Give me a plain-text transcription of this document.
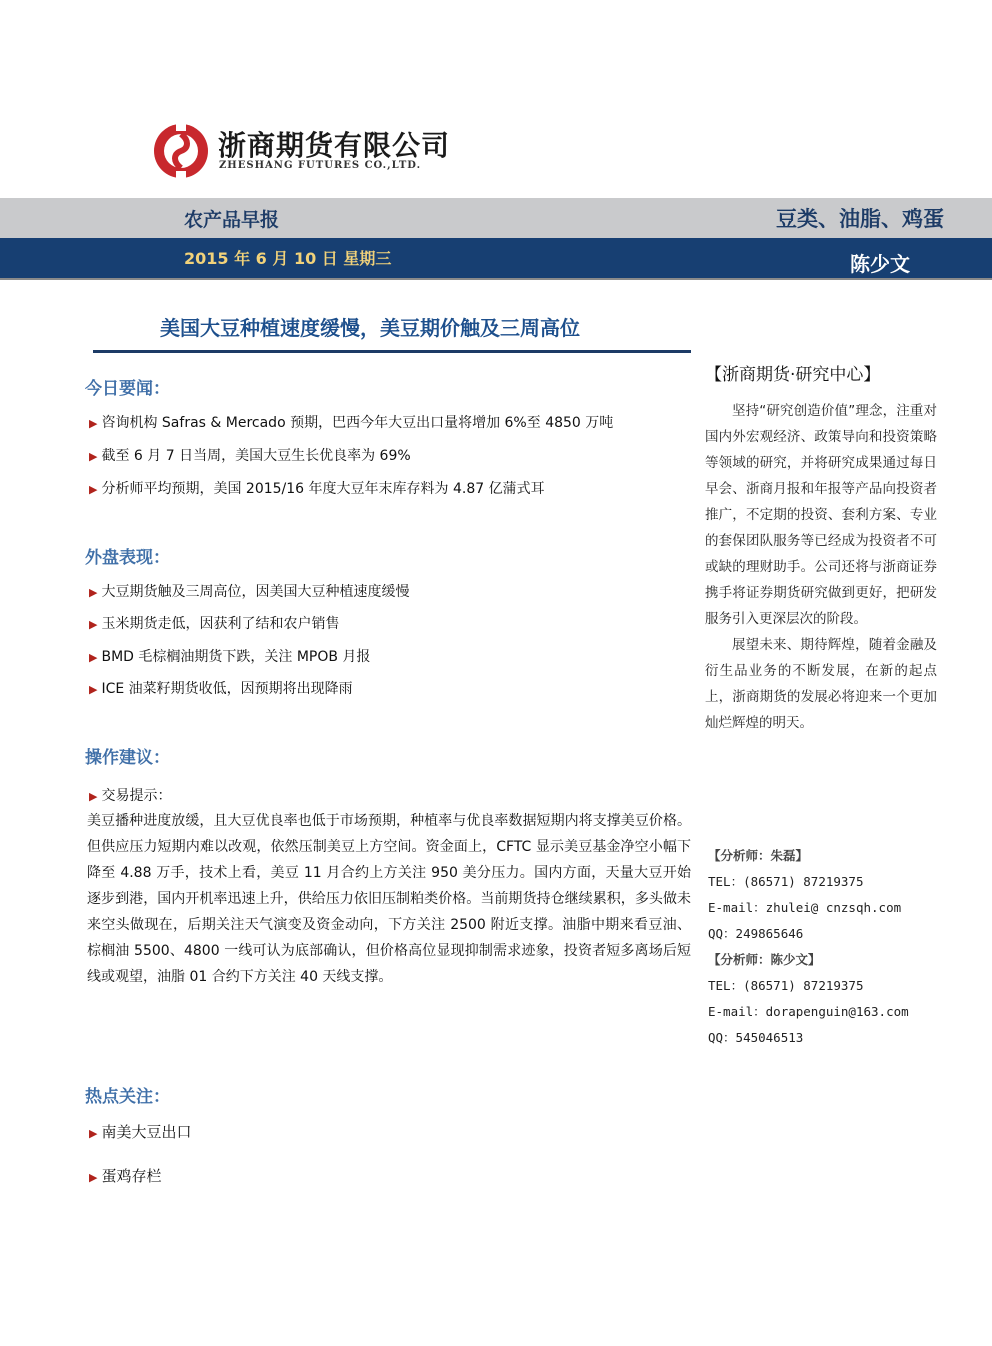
浙商期货有限公司
ZHESHANG FUTURES CO.,LTD.
农产品早报	豆类、油脂、鸡蛋
2015 年 6 月 10 日 星期三	陈少文
美国大豆种植速度缓慢，美豆期价触及三周高位
今日要闻：
▶ 咨询机构 Safras & Mercado 预期，巴西今年大豆出口量将增加 6%至 4850 万吨
▶ 截至 6 月 7 日当周，美国大豆生长优良率为 69%
▶ 分析师平均预期，美国 2015/16 年度大豆年末库存料为 4.87 亿蒲式耳
外盘表现：
▶ 大豆期货触及三周高位，因美国大豆种植速度缓慢
▶ 玉米期货走低，因获利了结和农户销售
▶ BMD 毛棕榈油期货下跌，关注 MPOB 月报
▶ ICE 油菜籽期货收低，因预期将出现降雨
操作建议：
▶ 交易提示：
美豆播种进度放缓，且大豆优良率也低于市场预期，种植率与优良率数据短期内将支撑美豆价格。但供应压力短期内难以改观，依然压制美豆上方空间。资金面上，CFTC 显示美豆基金净空小幅下降至 4.88 万手，技术上看，美豆 11 月合约上方关注 950 美分压力。国内方面，天量大豆开始逐步到港，国内开机率迅速上升，供给压力依旧压制粕类价格。当前期货持仓继续累积，多头做未来空头做现在，后期关注天气演变及资金动向，下方关注 2500 附近支撑。油脂中期来看豆油、棕榈油 5500、4800 一线可认为底部确认，但价格高位显现抑制需求迹象，投资者短多离场后短线或观望，油脂 01 合约下方关注 40 天线支撑。
热点关注：
▶ 南美大豆出口
▶ 蛋鸡存栏
【浙商期货·研究中心】

坚持“研究创造价值”理念，注重对国内外宏观经济、政策导向和投资策略等领域的研究，并将研究成果通过每日早会、浙商月报和年报等产品向投资者推广，不定期的投资、套利方案、专业的套保团队服务等已经成为投资者不可或缺的理财助手。公司还将与浙商证券携手将证券期货研究做到更好，把研发服务引入更深层次的阶段。

展望未来、期待辉煌，随着金融及衍生品业务的不断发展，在新的起点上，浙商期货的发展必将迎来一个更加灿烂辉煌的明天。

【分析师：朱磊】
TEL：(86571) 87219375
E-mail：zhulei@ cnzsqh.com
QQ：249865646
【分析师：陈少文】
TEL：(86571) 87219375
E-mail：dorapenguin@163.com
QQ：545046513
